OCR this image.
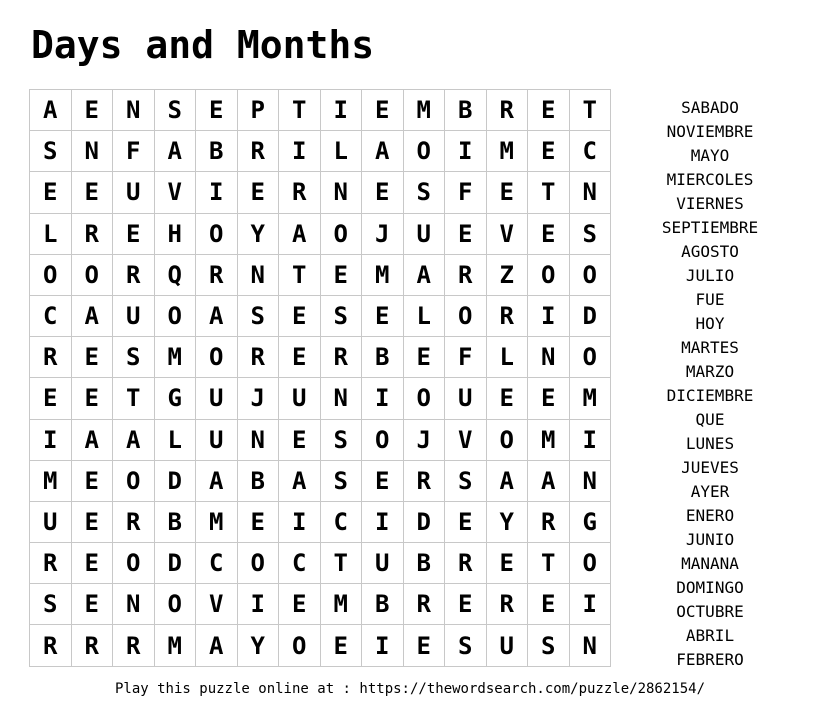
Days and Months
A	E	N	S	E	P	T	I	E	M	B	R	E	T
S	N	F	A	B	R	I	L	A	O	I	M	E	C
E	E	U	V	I	E	R	N	E	S	F	E	T	N
L	R	E	H	O	Y	A	O	J	U	E	V	E	S
O	O	R	Q	R	N	T	E	M	A	R	Z	O	O
C	A	U	O	A	S	E	S	E	L	O	R	I	D
R	E	S	M	O	R	E	R	B	E	F	L	N	O
E	E	T	G	U	J	U	N	I	O	U	E	E	M
I	A	A	L	U	N	E	S	O	J	V	O	M	I
M	E	O	D	A	B	A	S	E	R	S	A	A	N
U	E	R	B	M	E	I	C	I	D	E	Y	R	G
R	E	O	D	C	O	C	T	U	B	R	E	T	O
S	E	N	O	V	I	E	M	B	R	E	R	E	I
R	R	R	M	A	Y	O	E	I	E	S	U	S	N
SABADO
NOVIEMBRE
MAYO
MIERCOLES
VIERNES
SEPTIEMBRE
AGOSTO
JULIO
FUE
HOY
MARTES
MARZO
DICIEMBRE
QUE
LUNES
JUEVES
AYER
ENERO
JUNIO
MANANA
DOMINGO
OCTUBRE
ABRIL
FEBRERO
Play this puzzle online at : https://thewordsearch.com/puzzle/2862154/
